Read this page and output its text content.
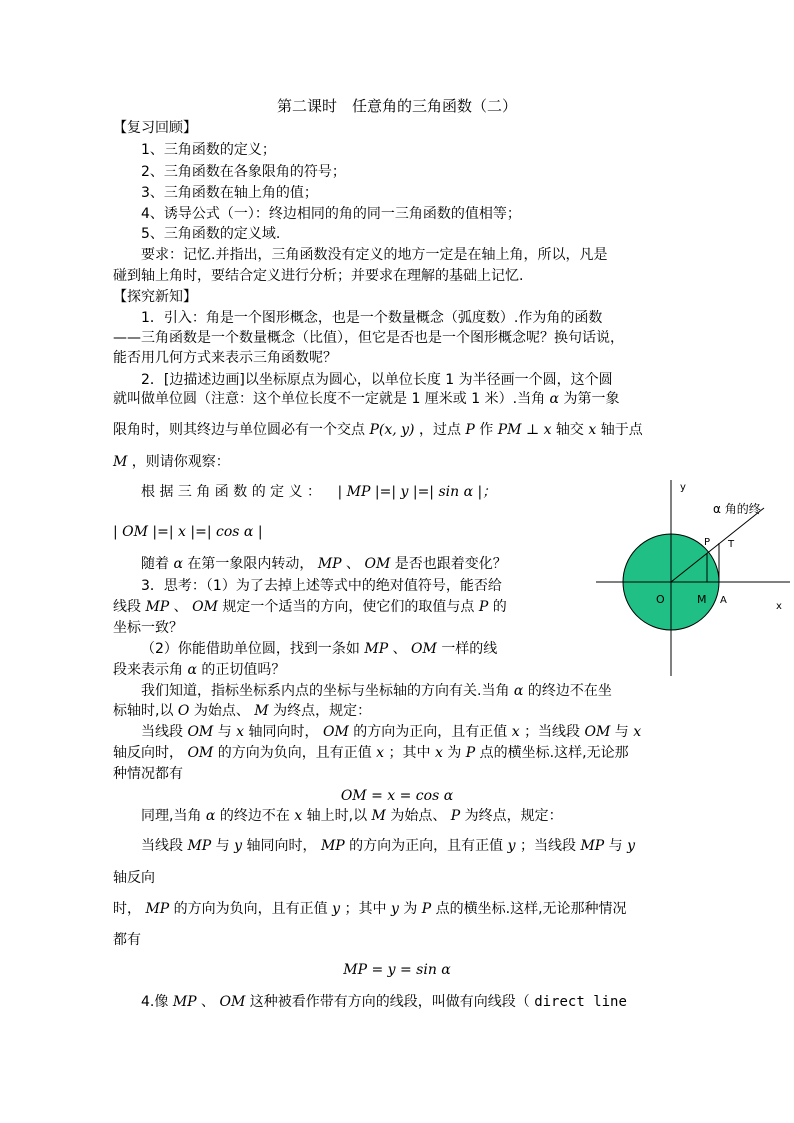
第二课时　任意角的三角函数（二）
【复习回顾】
1、三角函数的定义；
2、三角函数在各象限角的符号；
3、三角函数在轴上角的值；
4、诱导公式（一）：终边相同的角的同一三角函数的值相等；
5、三角函数的定义域.
要求：记忆.并指出，三角函数没有定义的地方一定是在轴上角，所以，凡是
碰到轴上角时，要结合定义进行分析；并要求在理解的基础上记忆.
【探究新知】
1．引入：角是一个图形概念，也是一个数量概念（弧度数）.作为角的函数
——三角函数是一个数量概念（比值），但它是否也是一个图形概念呢？换句话说，
能否用几何方式来表示三角函数呢？
2．[边描述边画]以坐标原点为圆心，以单位长度 1 为半径画一个圆，这个圆
就叫做单位圆（注意：这个单位长度不一定就是 1 厘米或 1 米）.当角 α 为第一象
限角时，则其终边与单位圆必有一个交点 P(x, y) ，过点 P 作 PM ⊥ x 轴交 x 轴于点
M ，则请你观察：
根 据 三 角 函 数 的 定 义 ： | MP |=| y |=| sin α |；
| OM |=| x |=| cos α |
随着 α 在第一象限内转动， MP 、 OM 是否也跟着变化？
3．思考：（1）为了去掉上述等式中的绝对值符号，能否给
线段 MP 、 OM 规定一个适当的方向，使它们的取值与点 P 的
坐标一致？
（2）你能借助单位圆，找到一条如 MP 、 OM 一样的线
段来表示角 α 的正切值吗？
我们知道，指标坐标系内点的坐标与坐标轴的方向有关.当角 α 的终边不在坐
标轴时,以 O 为始点、 M 为终点，规定：
当线段 OM 与 x 轴同向时， OM 的方向为正向，且有正值 x ；当线段 OM 与 x
轴反向时， OM 的方向为负向，且有正值 x ；其中 x 为 P 点的横坐标.这样,无论那
种情况都有
OM = x = cos α
同理,当角 α 的终边不在 x 轴上时,以 M 为始点、 P 为终点，规定：
当线段 MP 与 y 轴同向时， MP 的方向为正向，且有正值 y ；当线段 MP 与 y
轴反向
时， MP 的方向为负向，且有正值 y ；其中 y 为 P 点的横坐标.这样,无论那种情况
都有
MP = y = sin α
4.像 MP 、 OM 这种被看作带有方向的线段，叫做有向线段（ direct line
y
α 角的终
P T
O	M A
x
